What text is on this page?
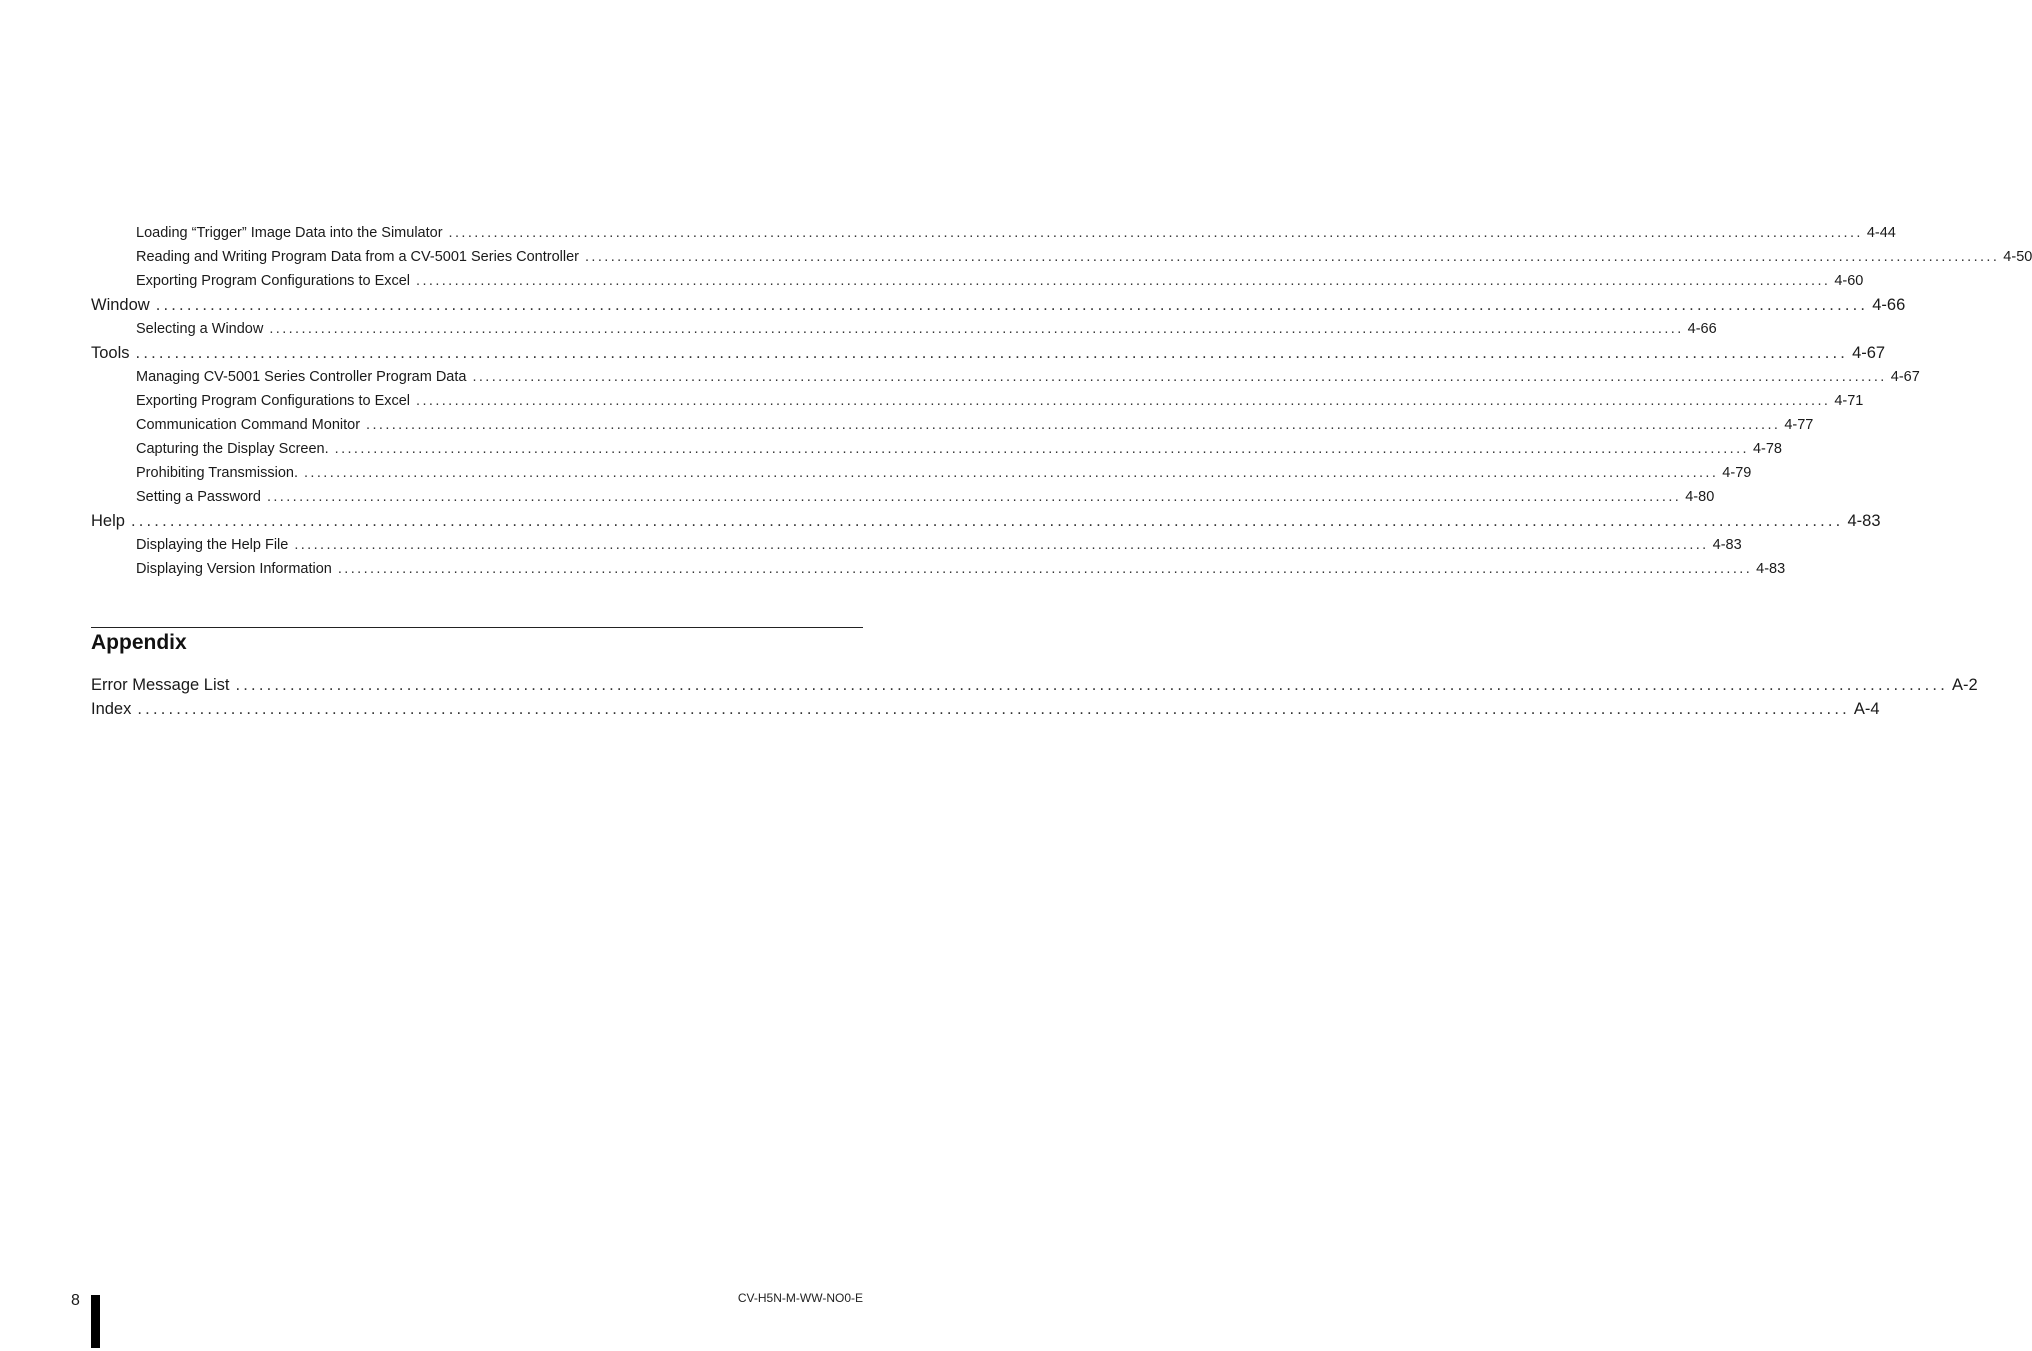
Loading “Trigger” Image Data into the Simulator ............................................................................................................................................................................................................................ 4-44
Reading and Writing Program Data from a CV-5001 Series Controller ............................................................................................................................................................................................................................ 4-50
Exporting Program Configurations to Excel ............................................................................................................................................................................................................................ 4-60
Window ............................................................................................................................................................................................................................ 4-66
Selecting a Window ............................................................................................................................................................................................................................ 4-66
Tools ............................................................................................................................................................................................................................ 4-67
Managing CV-5001 Series Controller Program Data ............................................................................................................................................................................................................................ 4-67
Exporting Program Configurations to Excel ............................................................................................................................................................................................................................ 4-71
Communication Command Monitor ............................................................................................................................................................................................................................ 4-77
Capturing the Display Screen. ............................................................................................................................................................................................................................ 4-78
Prohibiting Transmission. ............................................................................................................................................................................................................................ 4-79
Setting a Password ............................................................................................................................................................................................................................ 4-80
Help ............................................................................................................................................................................................................................ 4-83
Displaying the Help File ............................................................................................................................................................................................................................ 4-83
Displaying Version Information ............................................................................................................................................................................................................................ 4-83
Appendix
Error Message List ............................................................................................................................................................................................................................ A-2
Index ............................................................................................................................................................................................................................ A-4
8	CV-H5N-M-WW-NO0-E
